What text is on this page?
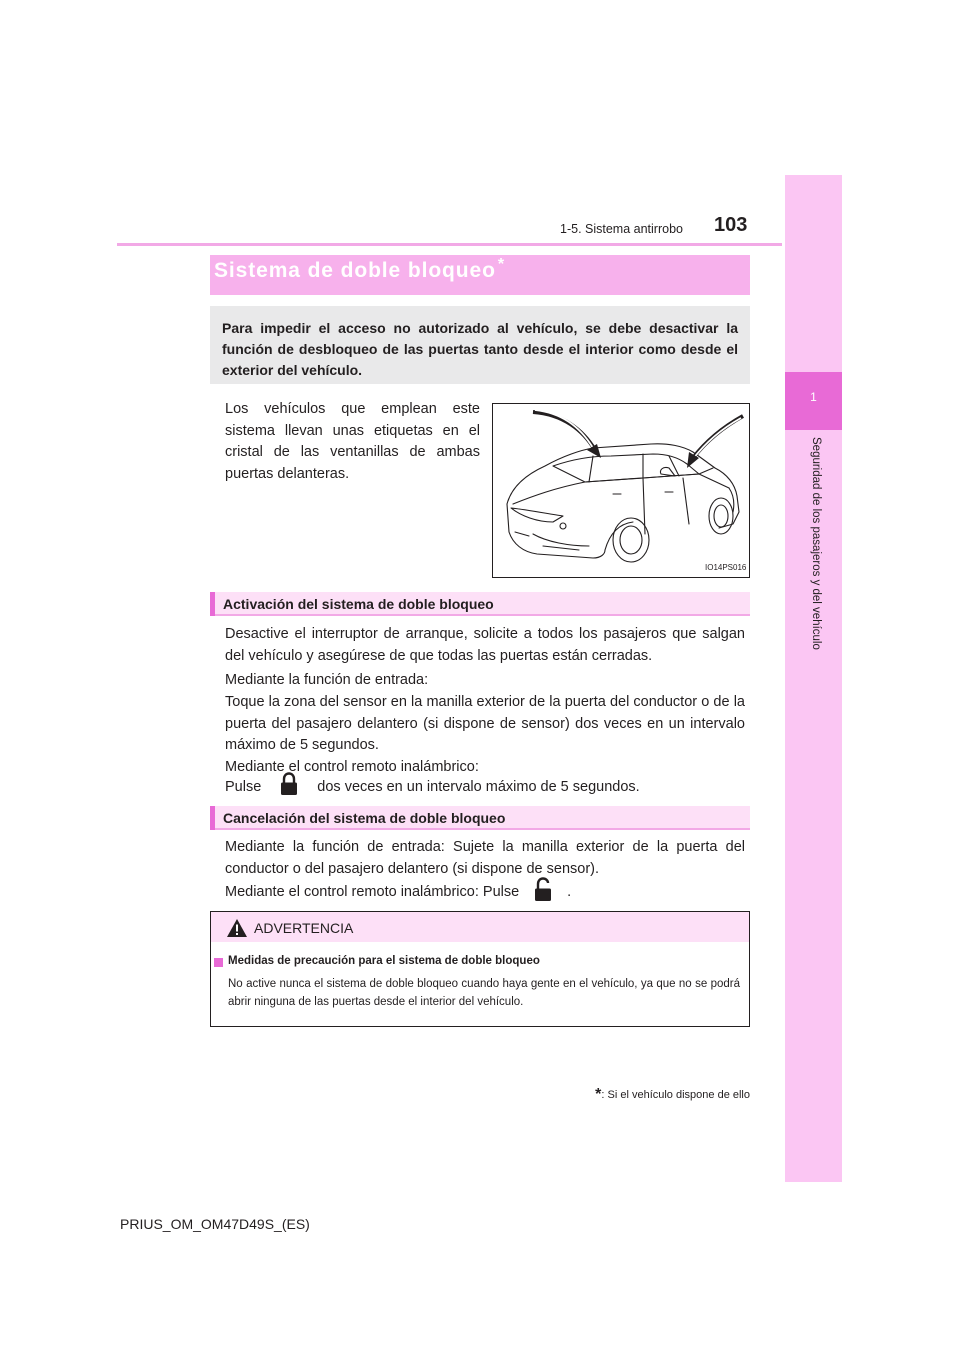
1
Seguridad de los pasajeros y del vehículo
1-5. Sistema antirrobo 103
Sistema de doble bloqueo *
Para impedir el acceso no autorizado al vehículo, se debe desactivar la función de desbloqueo de las puertas tanto desde el interior como desde el exterior del vehículo.
Los vehículos que emplean este sistema llevan unas etiquetas en el cristal de las ventanillas de ambas puertas delanteras.
IO14PS016
Activación del sistema de doble bloqueo
Desactive el interruptor de arranque, solicite a todos los pasajeros que salgan del vehículo y asegúrese de que todas las puertas están cerradas.
Mediante la función de entrada:
Toque la zona del sensor en la manilla exterior de la puerta del conductor o de la puerta del pasajero delantero (si dispone de sensor) dos veces en un intervalo máximo de 5 segundos.
Mediante el control remoto inalámbrico:
Pulse	dos veces en un intervalo máximo de 5 segundos.
Cancelación del sistema de doble bloqueo
Mediante la función de entrada: Sujete la manilla exterior de la puerta del conductor o del pasajero delantero (si dispone de sensor).
Mediante el control remoto inalámbrico: Pulse	.
ADVERTENCIA
Medidas de precaución para el sistema de doble bloqueo
No active nunca el sistema de doble bloqueo cuando haya gente en el vehículo, ya que no se podrá abrir ninguna de las puertas desde el interior del vehículo.
*: Si el vehículo dispone de ello
PRIUS_OM_OM47D49S_(ES)
